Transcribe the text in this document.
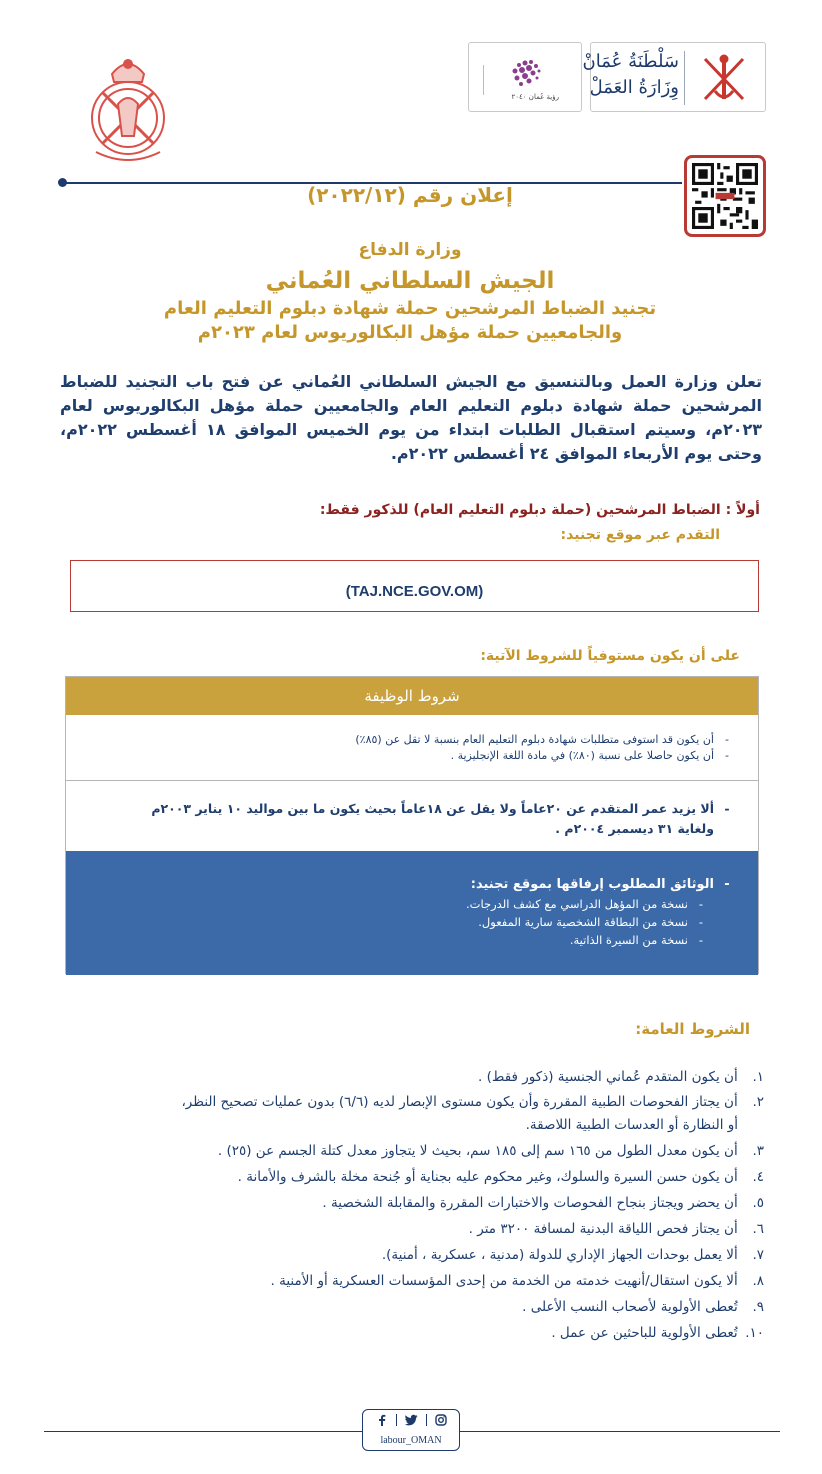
رؤية عُمان ٢٠٤٠
سَلْطَنَةُ عُمَانْ
وِزَارَةُ العَمَلْ
إعلان رقم (٢٠٢٢/١٢)
وزارة الدفاع
الجيش السلطاني العُماني
تجنيد الضباط المرشحين حملة شهادة دبلوم التعليم العام
والجامعيين حملة مؤهل البكالوريوس لعام ٢٠٢٣م
تعلن وزارة العمل وبالتنسيق مع الجيش السلطاني العُماني عن فتح باب التجنيد للضباط المرشحين حملة شهادة دبلوم التعليم العام والجامعيين حملة مؤهل البكالوريوس لعام ٢٠٢٣م، وسيتم استقبال الطلبات ابتداء من يوم الخميس الموافق ١٨ أغسطس ٢٠٢٢م، وحتى يوم الأربعاء الموافق ٢٤ أغسطس ٢٠٢٢م.
أولاً : الضباط المرشحين (حملة دبلوم التعليم العام) للذكور فقط:
التقدم عبر موقع تجنيد:
(TAJ.NCE.GOV.OM)
على أن يكون مستوفياً للشروط الآتية:
شروط الوظيفة
-أن يكون قد استوفى متطلبات شهادة دبلوم التعليم العام بنسبة لا تقل عن (٨٥٪)
-أن يكون حاصلا على نسبة (٨٠٪) في مادة اللغة الإنجليزية .
-ألا يزيد عمر المتقدم عن ٢٠عاماً ولا يقل عن ١٨عاماً بحيث يكون ما بين مواليد ١٠ يناير ٢٠٠٣م
ولغاية ٣١ ديسمبر ٢٠٠٤م .
-الوثائق المطلوب إرفاقها بموقع تجنيد:
-نسخة من المؤهل الدراسي مع كشف الدرجات.
-نسخة من البطاقة الشخصية سارية المفعول.
-نسخة من السيرة الذاتية.
الشروط العامة:
١. أن يكون المتقدم عُماني الجنسية (ذكور فقط) .
٢. أن يجتاز الفحوصات الطبية المقررة وأن يكون مستوى الإبصار لديه (٦/٦) بدون عمليات تصحيح النظر،
أو النظارة أو العدسات الطبية اللاصقة.
٣. أن يكون معدل الطول من ١٦٥ سم إلى ١٨٥ سم، بحيث لا يتجاوز معدل كتلة الجسم عن (٢٥) .
٤. أن يكون حسن السيرة والسلوك، وغير محكوم عليه بجناية أو جُنحة مخلة بالشرف والأمانة .
٥. أن يحضر ويجتاز بنجاح الفحوصات والاختبارات المقررة والمقابلة الشخصية .
٦. أن يجتاز فحص اللياقة البدنية لمسافة ٣٢٠٠ متر .
٧. ألا يعمل بوحدات الجهاز الإداري للدولة (مدنية ، عسكرية ، أمنية).
٨. ألا يكون استقال/أنهيت خدمته من الخدمة من إحدى المؤسسات العسكرية أو الأمنية .
٩. تُعطى الأولوية لأصحاب النسب الأعلى .
١٠. تُعطى الأولوية للباحثين عن عمل .
labour_OMAN
